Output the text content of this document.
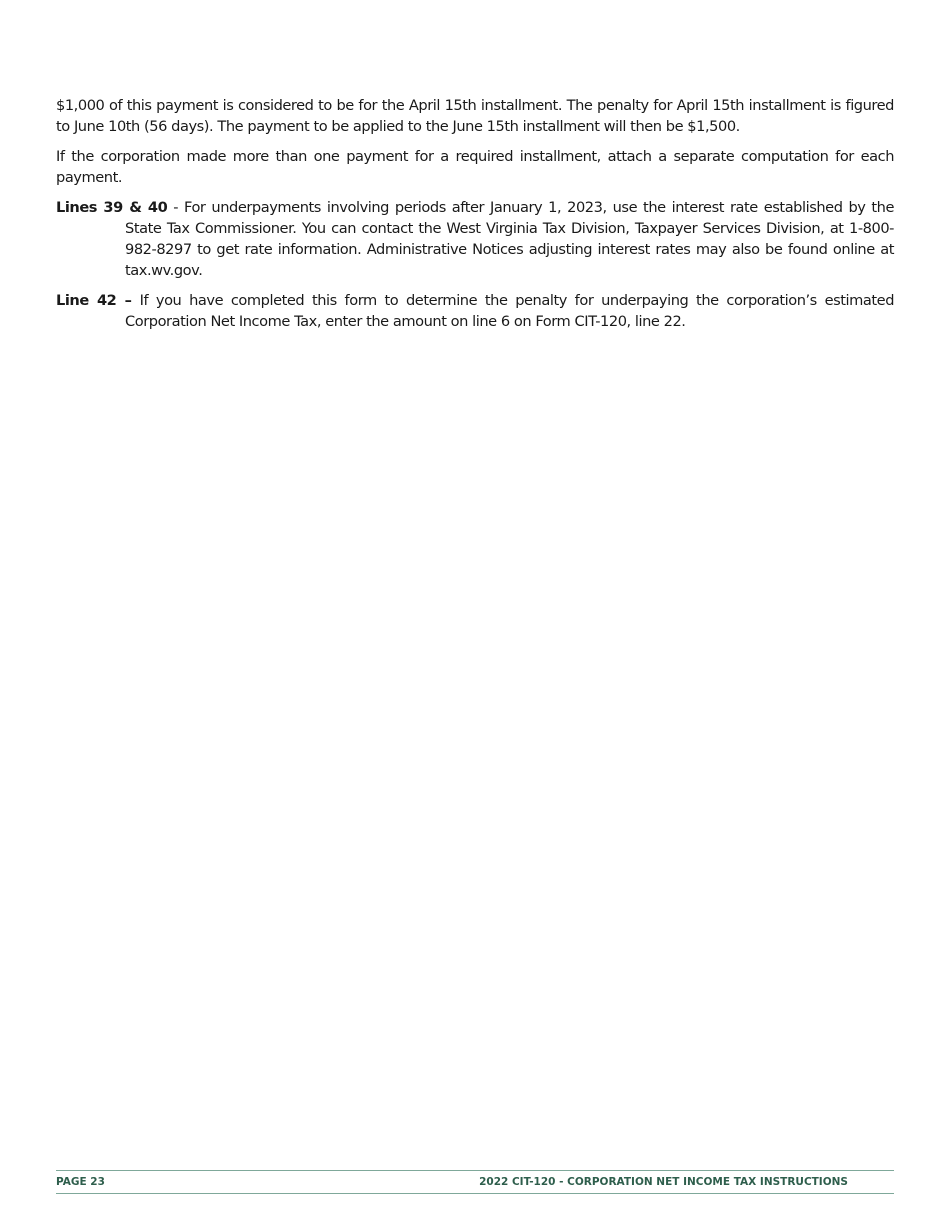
$1,000 of this payment is considered to be for the April 15th installment. The penalty for April 15th installment is figured to June 10th (56 days). The payment to be applied to the June 15th installment will then be $1,500.

If the corporation made more than one payment for a required installment, attach a separate computation for each payment.

Lines 39 & 40 - For underpayments involving periods after January 1, 2023, use the interest rate established by the State Tax Commissioner. You can contact the West Virginia Tax Division, Taxpayer Services Division, at 1-800-982-8297 to get rate information. Administrative Notices adjusting interest rates may also be found online at tax.wv.gov.
Line 42 – If you have completed this form to determine the penalty for underpaying the corporation’s estimated Corporation Net Income Tax, enter the amount on line 6 on Form CIT-120, line 22.
PAGE 23	2022 CIT-120 - CORPORATION NET INCOME TAX INSTRUCTIONS
